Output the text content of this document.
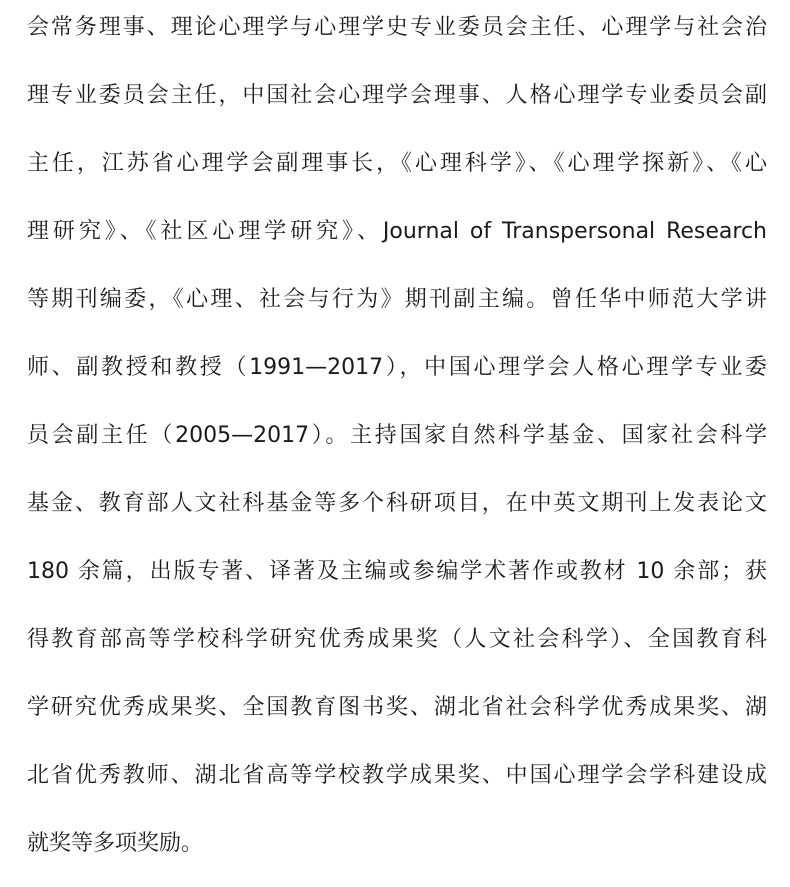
会常务理事、理论心理学与心理学史专业委员会主任、心理学与社会治
理专业委员会主任，中国社会心理学会理事、人格心理学专业委员会副
主任，江苏省心理学会副理事长，《心理科学》、《心理学探新》、《心
理研究》、《社区心理学研究》、Journal of Transpersonal Research
等期刊编委，《心理、社会与行为》期刊副主编。曾任华中师范大学讲
师、副教授和教授（1991—2017），中国心理学会人格心理学专业委
员会副主任（2005—2017）。主持国家自然科学基金、国家社会科学
基金、教育部人文社科基金等多个科研项目，在中英文期刊上发表论文
180 余篇，出版专著、译著及主编或参编学术著作或教材 10 余部；获
得教育部高等学校科学研究优秀成果奖（人文社会科学）、全国教育科
学研究优秀成果奖、全国教育图书奖、湖北省社会科学优秀成果奖、湖
北省优秀教师、湖北省高等学校教学成果奖、中国心理学会学科建设成
就奖等多项奖励。
